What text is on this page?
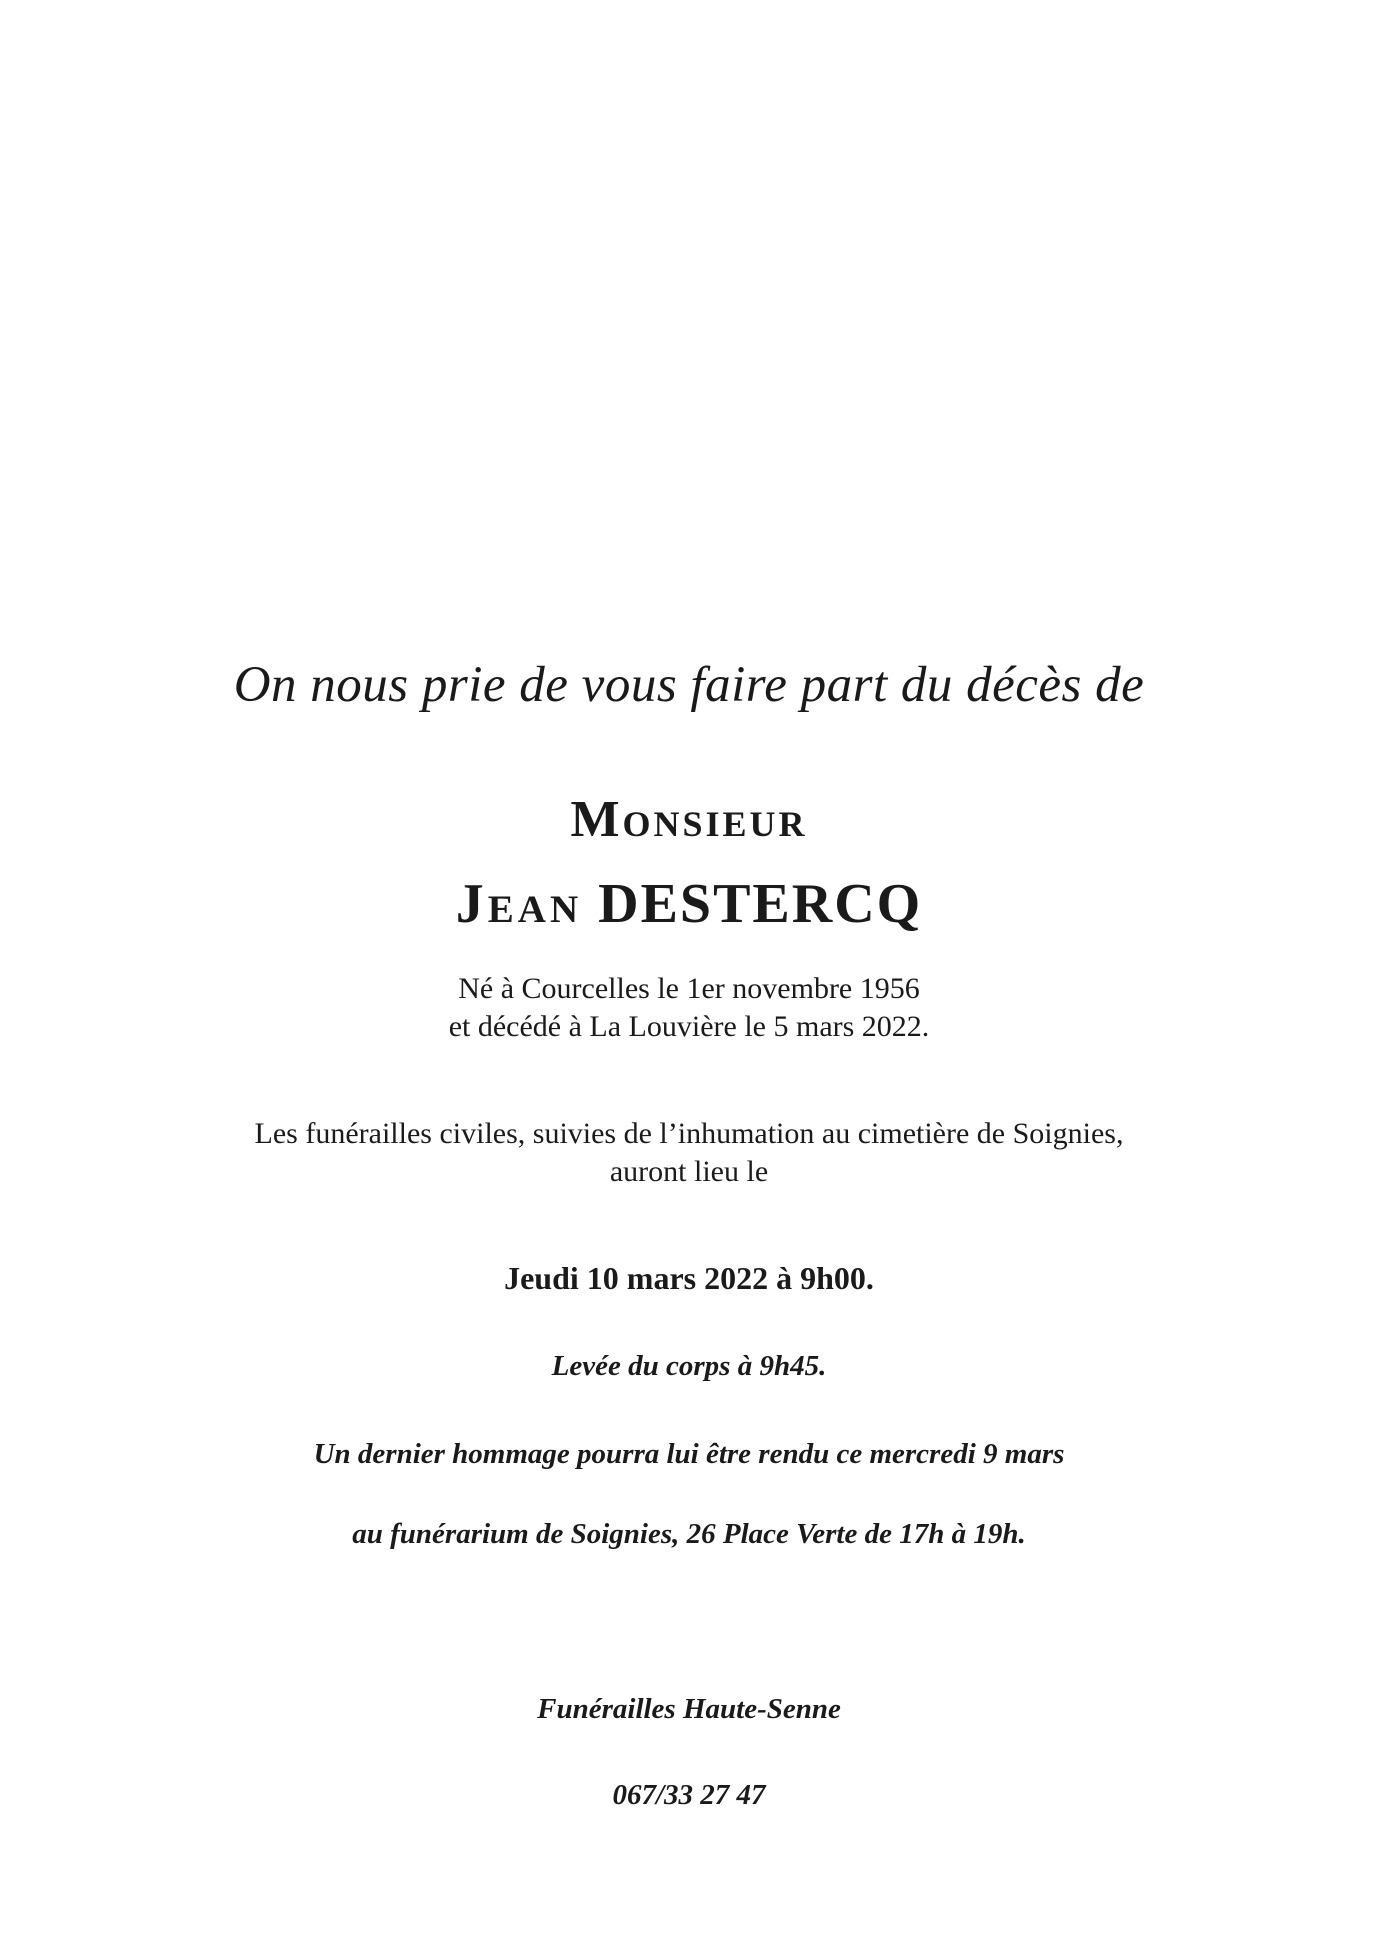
On nous prie de vous faire part du décès de
Monsieur
Jean DESTERCQ
Né à Courcelles le 1er novembre 1956
et décédé à La Louvière le 5 mars 2022.
Les funérailles civiles, suivies de l’inhumation au cimetière de Soignies,
auront lieu le
Jeudi 10 mars 2022 à 9h00.
Levée du corps à 9h45.
Un dernier hommage pourra lui être rendu ce mercredi 9 mars
au funérarium de Soignies, 26 Place Verte de 17h à 19h.
Funérailles Haute-Senne
067/33 27 47
